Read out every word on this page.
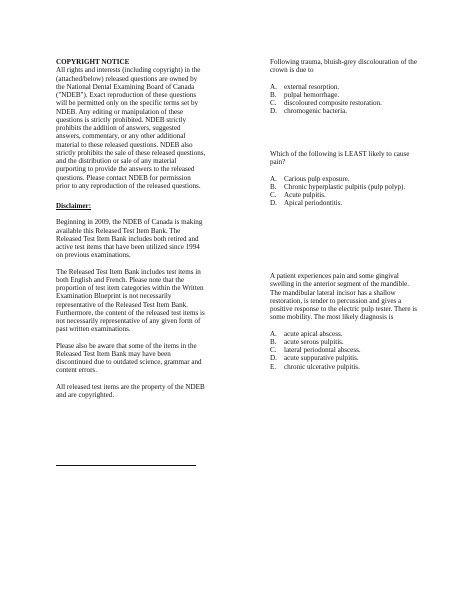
COPYRIGHT NOTICE

All rights and interests (including copyright) in the (attached/below) released questions are owned by the National Dental Examining Board of Canada ("NDEB"). Exact reproduction of these questions will be permitted only on the specific terms set by NDEB. Any editing or manipulation of these questions is strictly prohibited. NDEB strictly prohibits the addition of answers, suggested answers, commentary, or any other additional material to these released questions. NDEB also strictly prohibits the sale of these released questions, and the distribution or sale of any material purporting to provide the answers to the released questions. Please contact NDEB for permission prior to any reproduction of the released questions.

Disclaimer:

Beginning in 2009, the NDEB of Canada is making available this Released Test Item Bank. The Released Test Item Bank includes both retired and active test items that have been utilized since 1994 on previous examinations.

The Released Test Item Bank includes test items in both English and French. Please note that the proportion of test item categories within the Written Examination Blueprint is not necessarily representative of the Released Test Item Bank. Furthermore, the content of the released test items is not necessarily representative of any given form of past written examinations.

Please also be aware that some of the items in the Released Test Item Bank may have been discontinued due to outdated science, grammar and content errors.

All released test items are the property of the NDEB and are copyrighted.

Following trauma, bluish-grey discolouration of the crown is due to

A. external resorption.
B.	pulpal hemorrhage.
C.	discoloured composite restoration.
D. chromogenic bacteria.

Which of the following is LEAST likely to cause pain?

A. Carious pulp exposure.
B.	Chronic hyperplastic pulpitis (pulp polyp).
C.	Acute pulpitis.
D. Apical periodontitis.

A patient experiences pain and some gingival swelling in the anterior segment of the mandible. The mandibular lateral incisor has a shallow restoration, is tender to percussion and gives a positive response to the electric pulp tester. There is some mobility. The most likely diagnosis is

A. acute apical abscess.
B.	acute serous pulpitis.
C.	lateral periodontal abscess.
D. acute suppurative pulpitis.
E.	chronic ulcerative pulpitis.
